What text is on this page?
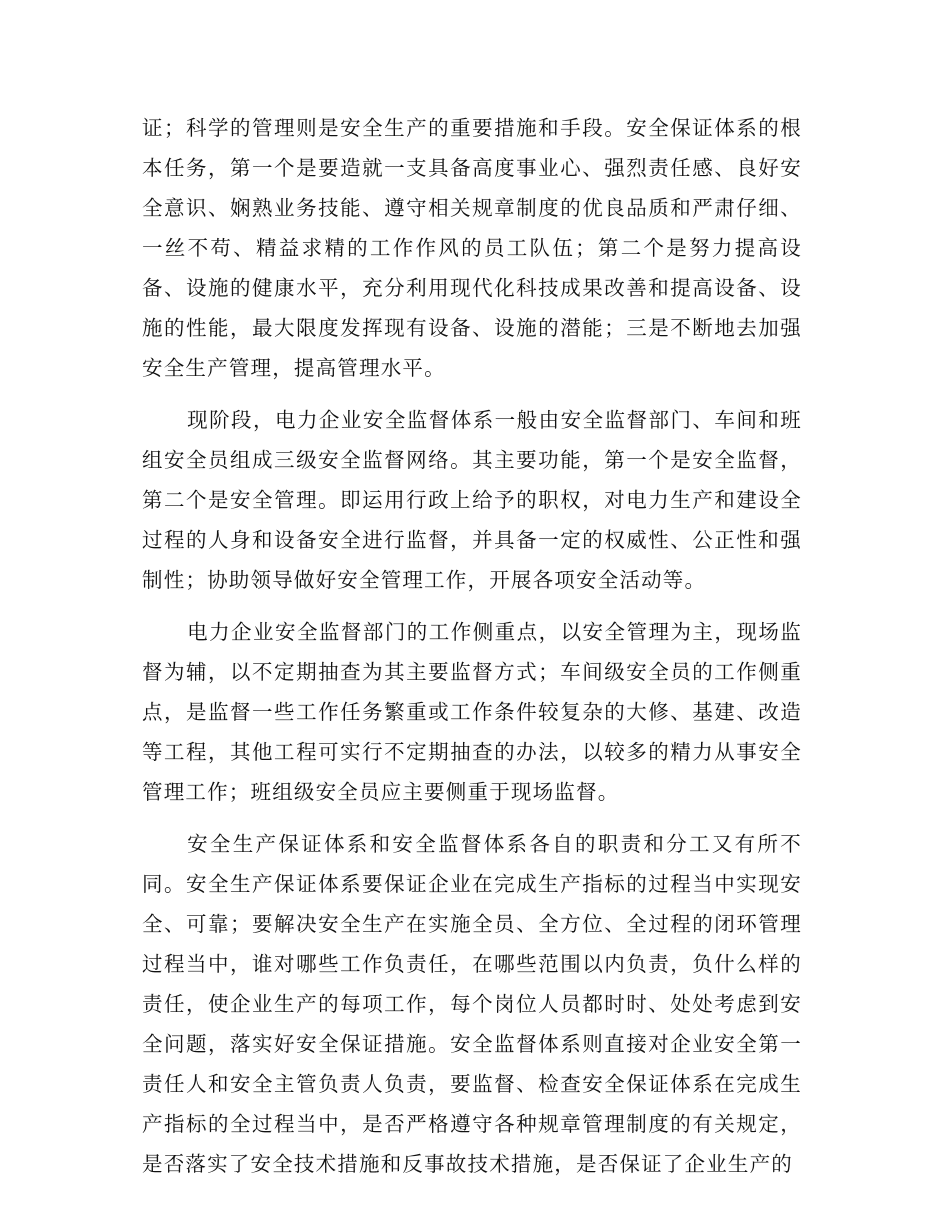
证；科学的管理则是安全生产的重要措施和手段。安全保证体系的根本任务，第一个是要造就一支具备高度事业心、强烈责任感、良好安全意识、娴熟业务技能、遵守相关规章制度的优良品质和严肃仔细、一丝不苟、精益求精的工作作风的员工队伍；第二个是努力提高设备、设施的健康水平，充分利用现代化科技成果改善和提高设备、设施的性能，最大限度发挥现有设备、设施的潜能；三是不断地去加强安全生产管理，提高管理水平。

现阶段，电力企业安全监督体系一般由安全监督部门、车间和班组安全员组成三级安全监督网络。其主要功能，第一个是安全监督，第二个是安全管理。即运用行政上给予的职权，对电力生产和建设全过程的人身和设备安全进行监督，并具备一定的权威性、公正性和强制性；协助领导做好安全管理工作，开展各项安全活动等。

电力企业安全监督部门的工作侧重点，以安全管理为主，现场监督为辅，以不定期抽查为其主要监督方式；车间级安全员的工作侧重点，是监督一些工作任务繁重或工作条件较复杂的大修、基建、改造等工程，其他工程可实行不定期抽查的办法，以较多的精力从事安全管理工作；班组级安全员应主要侧重于现场监督。

安全生产保证体系和安全监督体系各自的职责和分工又有所不同。安全生产保证体系要保证企业在完成生产指标的过程当中实现安全、可靠；要解决安全生产在实施全员、全方位、全过程的闭环管理过程当中，谁对哪些工作负责任，在哪些范围以内负责，负什么样的责任，使企业生产的每项工作，每个岗位人员都时时、处处考虑到安全问题，落实好安全保证措施。安全监督体系则直接对企业安全第一责任人和安全主管负责人负责，要监督、检查安全保证体系在完成生产指标的全过程当中，是否严格遵守各种规章管理制度的有关规定，是否落实了安全技术措施和反事故技术措施，是否保证了企业生产的
